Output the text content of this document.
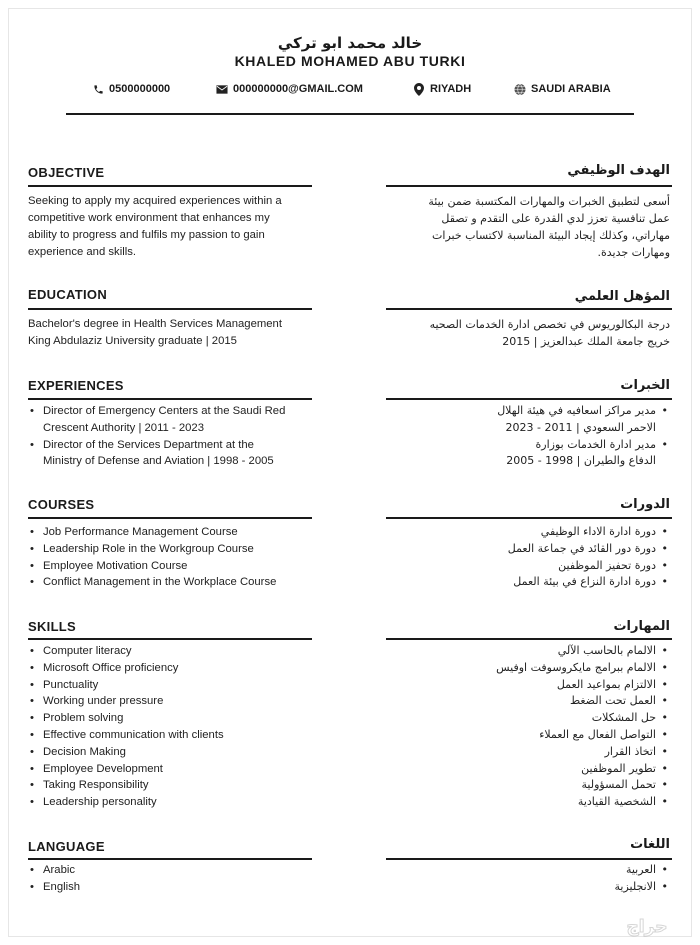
خالد محمد ابو تركي
KHALED MOHAMED ABU TURKI
0500000000	000000000@GMAIL.COM	RIYADH	SAUDI ARABIA
OBJECTIVE	الهدف الوظيفي
Seeking to apply my acquired experiences within a
competitive work environment that enhances my
ability to progress and fulfils my passion to gain
experience and skills.
أسعى لتطبيق الخبرات والمهارات المكتسبة ضمن بيئة
عمل تنافسية تعزز لدي القدرة على التقدم و تصقل
مهاراتي، وكذلك إيجاد البيئة المناسبة لاكتساب خبرات
ومهارات جديدة.
EDUCATION	المؤهل العلمي
Bachelor's degree in Health Services Management
King Abdulaziz University graduate | 2015
درجة البكالوريوس في تخصص ادارة الخدمات الصحيه
خريج جامعة الملك عبدالعزيز | 2015
EXPERIENCES	الخبرات
• Director of Emergency Centers at the Saudi Red
Crescent Authority | 2011 - 2023
• Director of the Services Department at the
Ministry of Defense and Aviation | 1998 - 2005
• مدير مراكز اسعافيه في هيئة الهلال
الاحمر السعودي | 2011 - 2023
• مدير ادارة الخدمات بوزارة
الدفاع والطيران | 1998 - 2005
COURSES	الدورات
• Job Performance Management Course
• Leadership Role in the Workgroup Course
• Employee Motivation Course
• Conflict Management in the Workplace Course
• دورة ادارة الاداء الوظيفي
• دورة دور القائد في جماعة العمل
• دورة تحفيز الموظفين
• دورة ادارة النزاع في بيئة العمل
SKILLS	المهارات
• Computer literacy
• Microsoft Office proficiency
• Punctuality
• Working under pressure
• Problem solving
• Effective communication with clients
• Decision Making
• Employee Development
• Taking Responsibility
• Leadership personality
• الالمام بالحاسب الآلي
• الالمام ببرامج مايكروسوفت اوفيس
• الالتزام بمواعيد العمل
• العمل تحت الضغط
• حل المشكلات
• التواصل الفعال مع العملاء
• اتخاذ القرار
• تطوير الموظفين
• تحمل المسؤولية
• الشخصية القيادية
LANGUAGE	اللغات
• Arabic
• English
• العربية
• الانجليزية
حراج
